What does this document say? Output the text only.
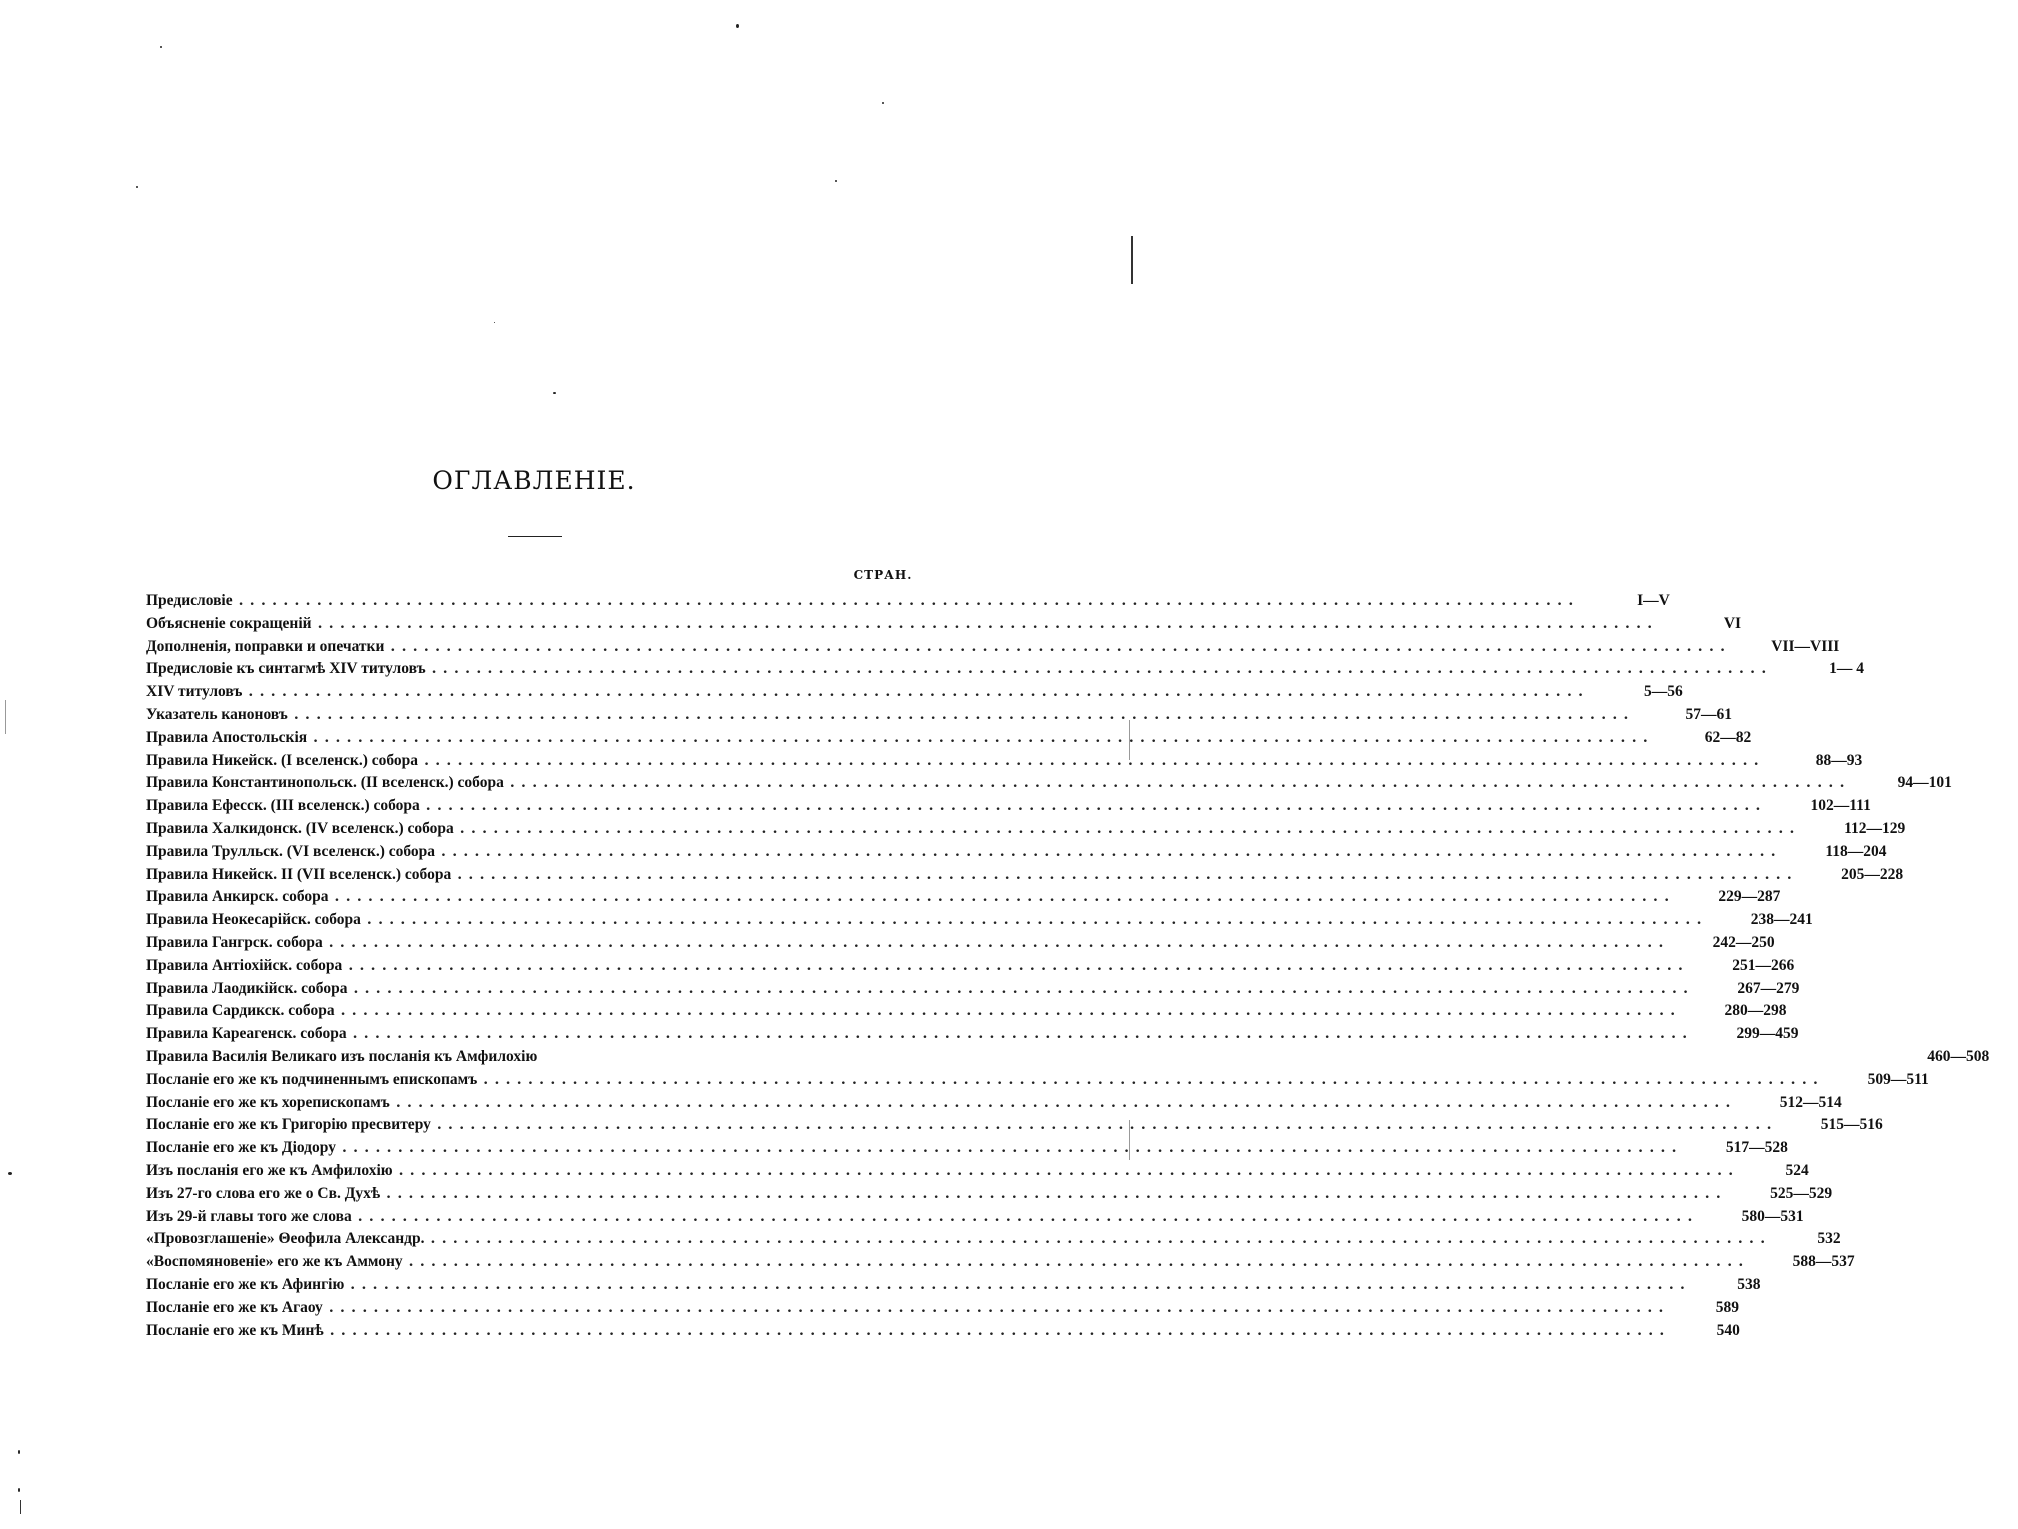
ОГЛАВЛЕНІЕ.
СТРАН.
Предисловіе ........................................................................................................................	I—V
Объясненіе сокращеній ........................................................................................................................	VI
Дополненія, поправки и опечатки ........................................................................................................................	VII—VIII
Предисловіе къ синтагмѣ XIV титуловъ ........................................................................................................................	1— 4
XIV титуловъ ........................................................................................................................	5—56
Указатель каноновъ ........................................................................................................................	57—61
Правила Апостольскія ........................................................................................................................	62—82
Правила Никейск. (I вселенск.) собора ........................................................................................................................	88—93
Правила Константинопольск. (II вселенск.) собора ........................................................................................................................	94—101
Правила Ефесск. (III вселенск.) собора ........................................................................................................................	102—111
Правила Халкидонск. (IV вселенск.) собора ........................................................................................................................	112—129
Правила Трулльск. (VI вселенск.) собора ........................................................................................................................	118—204
Правила Никейск. II (VII вселенск.) собора ........................................................................................................................	205—228
Правила Анкирск. собора ........................................................................................................................	229—287
Правила Неокесарійск. собора ........................................................................................................................	238—241
Правила Гангрск. собора ........................................................................................................................	242—250
Правила Антіохійск. собора ........................................................................................................................	251—266
Правила Лаодикійск. собора ........................................................................................................................	267—279
Правила Сардикск. собора ........................................................................................................................	280—298
Правила Кареагенск. собора ........................................................................................................................	299—459
Правила Василія Великаго изъ посланія къ Амфилохію	460—508
Посланіе его же къ подчиненнымъ епископамъ ........................................................................................................................	509—511
Посланіе его же къ хорепископамъ ........................................................................................................................	512—514
Посланіе его же къ Григорію пресвитеру ........................................................................................................................	515—516
Посланіе его же къ Діодору ........................................................................................................................	517—528
Изъ посланія его же къ Амфилохію ........................................................................................................................	524
Изъ 27-го слова его же о Св. Духѣ ........................................................................................................................	525—529
Изъ 29-й главы того же слова ........................................................................................................................	580—531
«Провозглашеніе» Θеофила Александр. ........................................................................................................................	532
«Воспомяновеніе» его же къ Аммону ........................................................................................................................	588—537
Посланіе его же къ Афингію ........................................................................................................................	538
Посланіе его же къ Агаоу ........................................................................................................................	589
Посланіе его же къ Минѣ ........................................................................................................................	540
